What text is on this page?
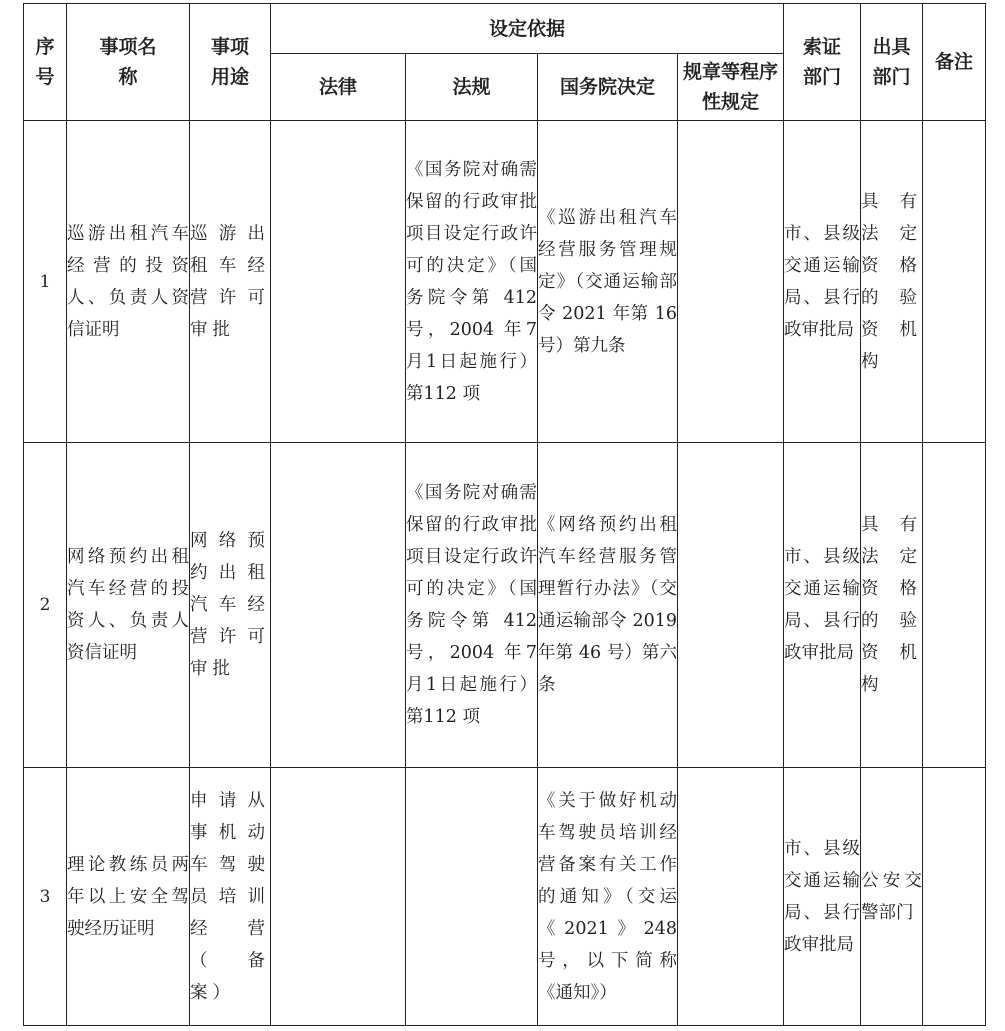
序号	事项名称	事项用途	设定依据				索证部门	出具部门	备注
			法律	法规	国务院决定	规章等程序性规定			
1	巡游出租汽车经营的投资人、负责人资信证明	巡游出租车经营许可审批		《国务院对确需保留的行政审批项目设定行政许可的决定》（国务院令第 412 号，2004 年7月1日起施行）第112 项	《巡游出租汽车经营服务管理规定》（交通运输部令 2021 年第 16 号）第九条		市、县级交通运输局、县行政审批局	具有法定资格的验资机构	
2	网络预约出租汽车经营的投资人、负责人资信证明	网络预约出租汽车经营许可审批		《国务院对确需保留的行政审批项目设定行政许可的决定》（国务院令第 412 号，2004 年7月1日起施行）第112 项	《网络预约出租汽车经营服务管理暂行办法》（交通运输部令 2019 年第 46 号）第六条		市、县级交通运输局、县行政审批局	具有法定资格的验资机构	
3	理论教练员两年以上安全驾驶经历证明	申请从事机动车驾驶员培训经营（备案）			《关于做好机动车驾驶员培训经营备案有关工作的通知》（交运《2021》248 号，以下简称《通知》）		市、县级交通运输局、县行政审批局	公安交警部门	
